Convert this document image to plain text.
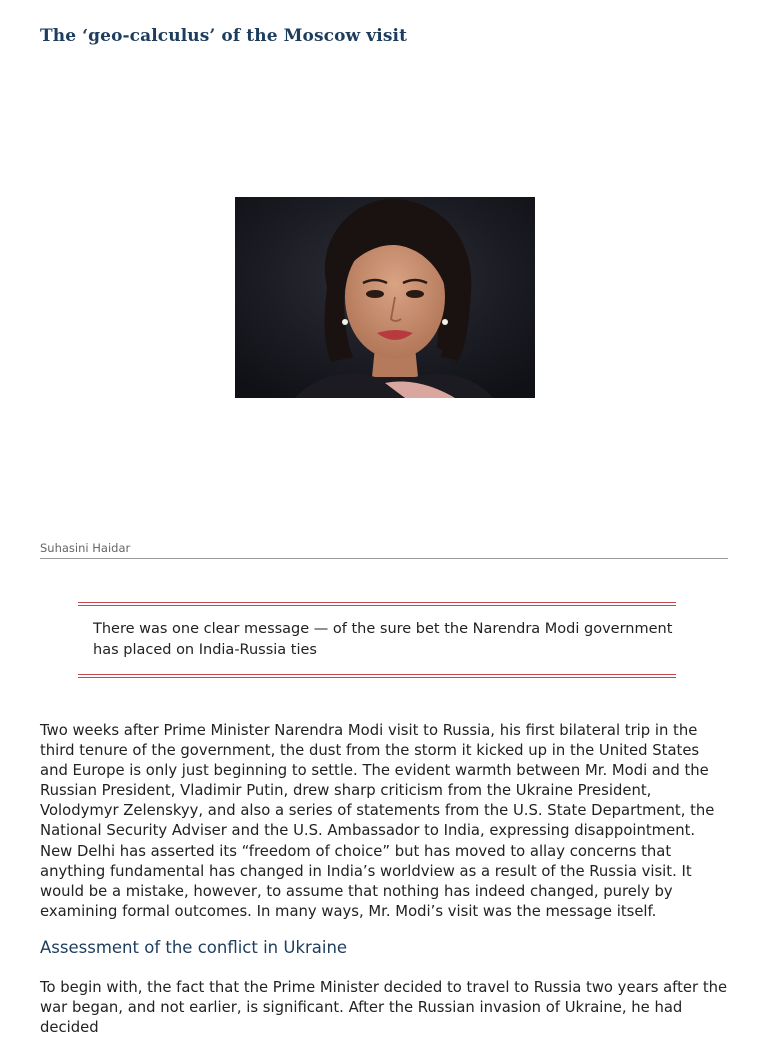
The ‘geo-calculus’ of the Moscow visit
Suhasini Haidar
There was one clear message — of the sure bet the Narendra Modi government has placed on India-Russia ties

Two weeks after Prime Minister Narendra Modi visit to Russia, his first bilateral trip in the third tenure of the government, the dust from the storm it kicked up in the United States and Europe is only just beginning to settle. The evident warmth between Mr. Modi and the Russian President, Vladimir Putin, drew sharp criticism from the Ukraine President, Volodymyr Zelenskyy, and also a series of statements from the U.S. State Department, the National Security Adviser and the U.S. Ambassador to India, expressing disappointment. New Delhi has asserted its “freedom of choice” but has moved to allay concerns that anything fundamental has changed in India’s worldview as a result of the Russia visit. It would be a mistake, however, to assume that nothing has indeed changed, purely by examining formal outcomes. In many ways, Mr. Modi’s visit was the message itself.

Assessment of the conflict in Ukraine

To begin with, the fact that the Prime Minister decided to travel to Russia two years after the war began, and not earlier, is significant. After the Russian invasion of Ukraine, he had decided
